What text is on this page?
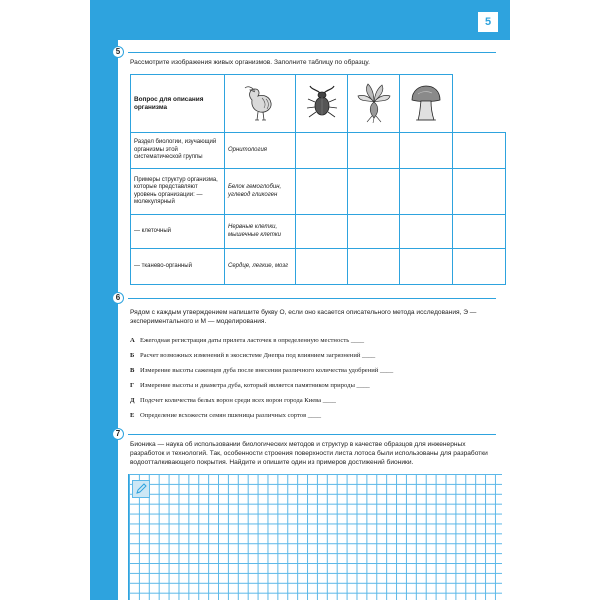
5
5
Рассмотрите изображения живых организмов. Заполните таблицу по образцу.
Вопрос для описания организма				
Раздел биологии, изучающий организмы этой систематической группы	Орнитология				
Примеры структур организма, которые представляют уровень организации: — молекулярный	Белок гемоглобин, углевод гликоген				
— клеточный	Нервные клетки, мышечные клетки				
— тканево-органный	Сердце, легкие, мозг				
6
Рядом с каждым утверждением напишите букву О, если оно касается описательного метода исследования, Э — экспериментального и М — моделирования.
А Ежегодная регистрация даты прилета ласточек в определенную местность ____
Б Расчет возможных изменений в экосистеме Днепра под влиянием загрязнений ____
В Измерение высоты саженцев дуба после внесения различного количества удобрений ____
Г Измерение высоты и диаметра дуба, который является памятником природы ____
Д Подсчет количества белых ворон среди всех ворон города Киева ____
Е Определение всхожести семян пшеницы различных сортов ____
7
Бионика — наука об использовании биологических методов и структур в качестве образцов для инженерных разработок и технологий. Так, особенности строения поверхности листа лотоса были использованы для разработки водоотталкивающего покрытия. Найдите и опишите один из примеров достижений бионики.
